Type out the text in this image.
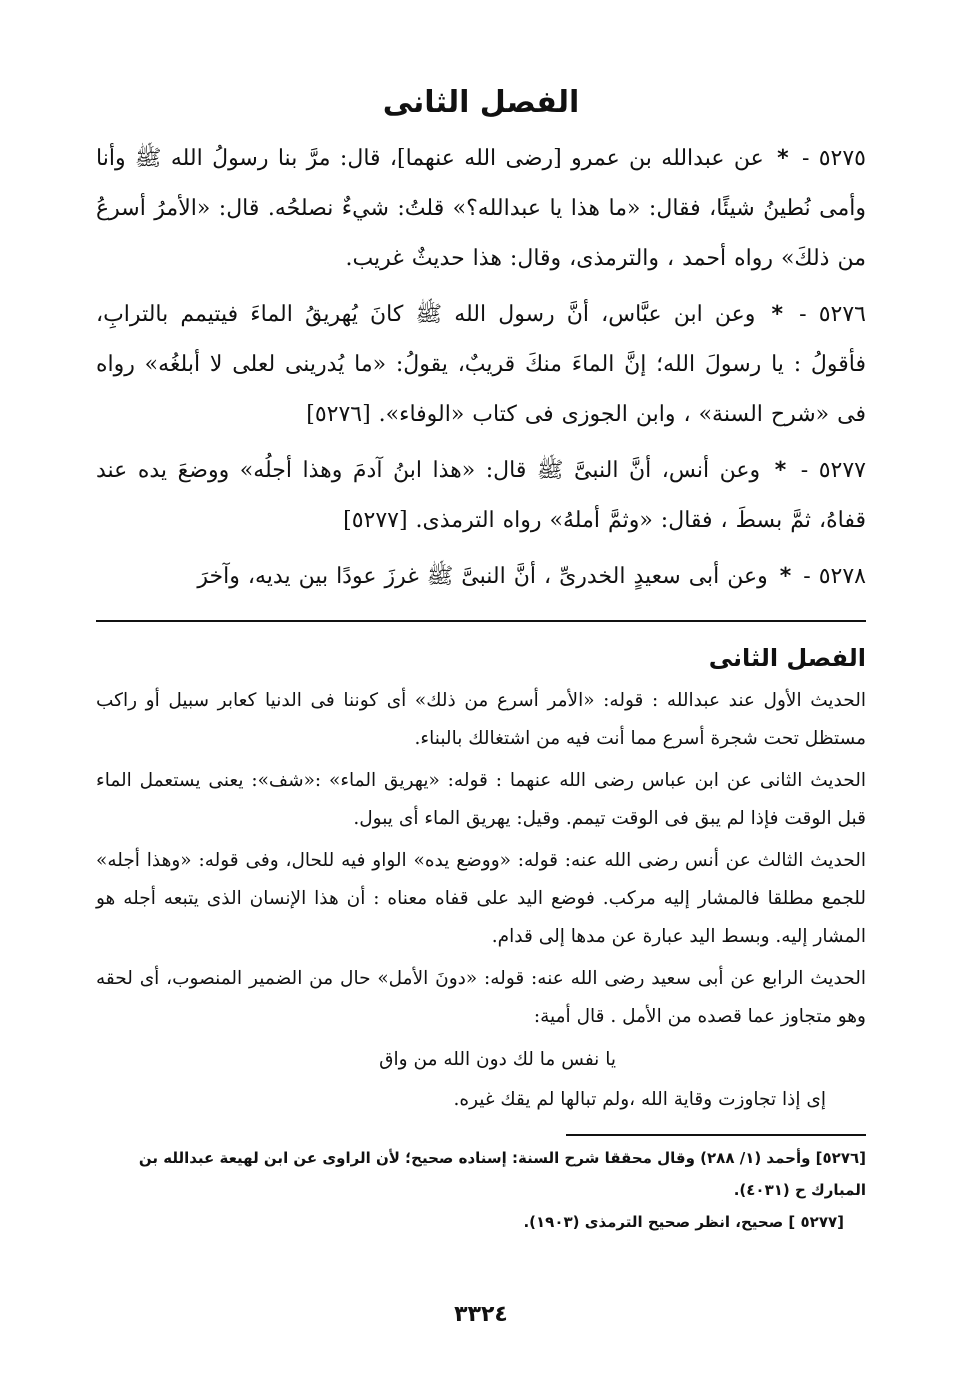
الفصل الثانى

٥٢٧٥ - * عن عبدالله بن عمرو [رضى الله عنهما]، قال: مرَّ بنا رسولُ الله ﷺ وأنا وأمى نُطينُ شيئًا، فقال: «ما هذا يا عبدالله؟» قلتُ: شيءٌ نصلحُه. قال: «الأمرُ أسرعُ من ذلكَ» رواه أحمد ، والترمذى، وقال: هذا حديثٌ غريب.

٥٢٧٦ - * وعن ابن عبَّاس، أنَّ رسول الله ﷺ كانَ يُهريقُ الماءَ فيتيمم بالترابِ، فأقولُ : يا رسولَ الله؛ إنَّ الماءَ منكَ قريبٌ، يقولُ: «ما يُدرينى لعلى لا أبلغُه» رواه فى «شرح السنة» ، وابن الجوزى فى كتاب «الوفاء». [٥٢٧٦]

٥٢٧٧ - * وعن أنس، أنَّ النبىَّ ﷺ قال: «هذا ابنُ آدمَ وهذا أجلُه» ووضعَ يده عند قفاهُ، ثمَّ بسطَ ، فقال: «وثمَّ أملهُ» رواه الترمذى. [٥٢٧٧]

٥٢٧٨ - * وعن أبى سعيدٍ الخدرىِّ ، أنَّ النبىَّ ﷺ غرزَ عودًا بين يديه، وآخرَ

الفصل الثانى

الحديث الأول عند عبدالله : قوله: «الأمر أسرع من ذلك» أى كوننا فى الدنيا كعابر سبيل أو راكب مستظل تحت شجرة أسرع مما أنت فيه من اشتغالك بالبناء.

الحديث الثانى عن ابن عباس رضى الله عنهما : قوله: «يهريق الماء» :«شف»: يعنى يستعمل الماء قبل الوقت فإذا لم يبق فى الوقت تيمم. وقيل: يهريق الماء أى يبول.

الحديث الثالث عن أنس رضى الله عنه: قوله: «ووضع يده» الواو فيه للحال، وفى قوله: «وهذا أجله» للجمع مطلقا فالمشار إليه مركب. فوضع اليد على قفاه معناه : أن هذا الإنسان الذى يتبعه أجله هو المشار إليه. وبسط اليد عبارة عن مدها إلى قدام.

الحديث الرابع عن أبى سعيد رضى الله عنه: قوله: «دونَ الأمل» حال من الضمير المنصوب، أى لحقه وهو متجاوز عما قصده من الأمل . قال أمية:

يا نفس ما لك دون الله من واق

إى إذا تجاوزت وقاية الله ،ولم تبالها لم يقك غيره.

[٥٢٧٦] وأحمد (١/ ٢٨٨) وقال محققا شرح السنة: إسناده صحيح؛ لأن الراوى عن ابن لهيعة عبدالله بن

المبارك ح (٤٠٣١).

[٥٢٧٧ ] صحيح، انظر صحيح الترمذى (١٩٠٣).

٣٣٢٤
